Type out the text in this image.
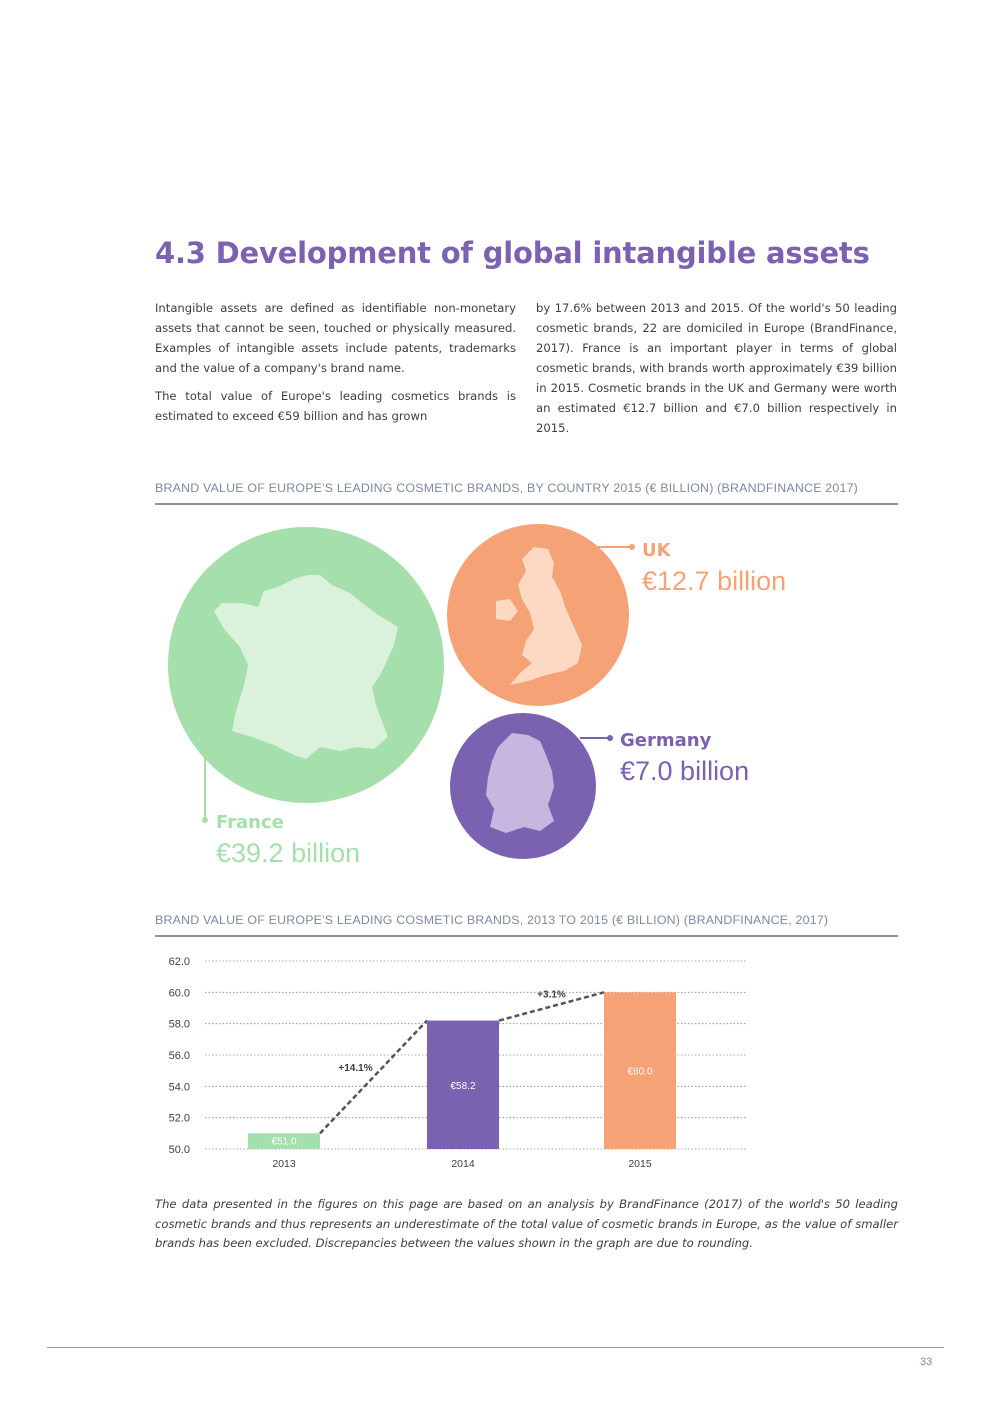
4.3 Development of global intangible assets

Intangible assets are defined as identifiable non-monetary assets that cannot be seen, touched or physically measured. Examples of intangible assets include patents, trademarks and the value of a company's brand name.

The total value of Europe's leading cosmetics brands is estimated to exceed €59 billion and has grown

by 17.6% between 2013 and 2015. Of the world's 50 leading cosmetic brands, 22 are domiciled in Europe (BrandFinance, 2017). France is an important player in terms of global cosmetic brands, with brands worth approximately €39 billion in 2015. Cosmetic brands in the UK and Germany were worth an estimated €12.7 billion and €7.0 billion respectively in 2015.

BRAND VALUE OF EUROPE'S LEADING COSMETIC BRANDS, BY COUNTRY 2015 (€ BILLION) (BRANDFINANCE 2017)
France
€39.2 billion
UK
€12.7 billion
Germany
€7.0 billion
BRAND VALUE OF EUROPE'S LEADING COSMETIC BRANDS, 2013 TO 2015 (€ BILLION) (BRANDFINANCE, 2017)
62.0
60.0
58.0
56.0
54.0
52.0
50.0
+14.1%
+3.1%
€51.0
€58.2
€60.0
2013	2014	2015

The data presented in the figures on this page are based on an analysis by BrandFinance (2017) of the world's 50 leading cosmetic brands and thus represents an underestimate of the total value of cosmetic brands in Europe, as the value of smaller brands has been excluded. Discrepancies between the values shown in the graph are due to rounding.

33
